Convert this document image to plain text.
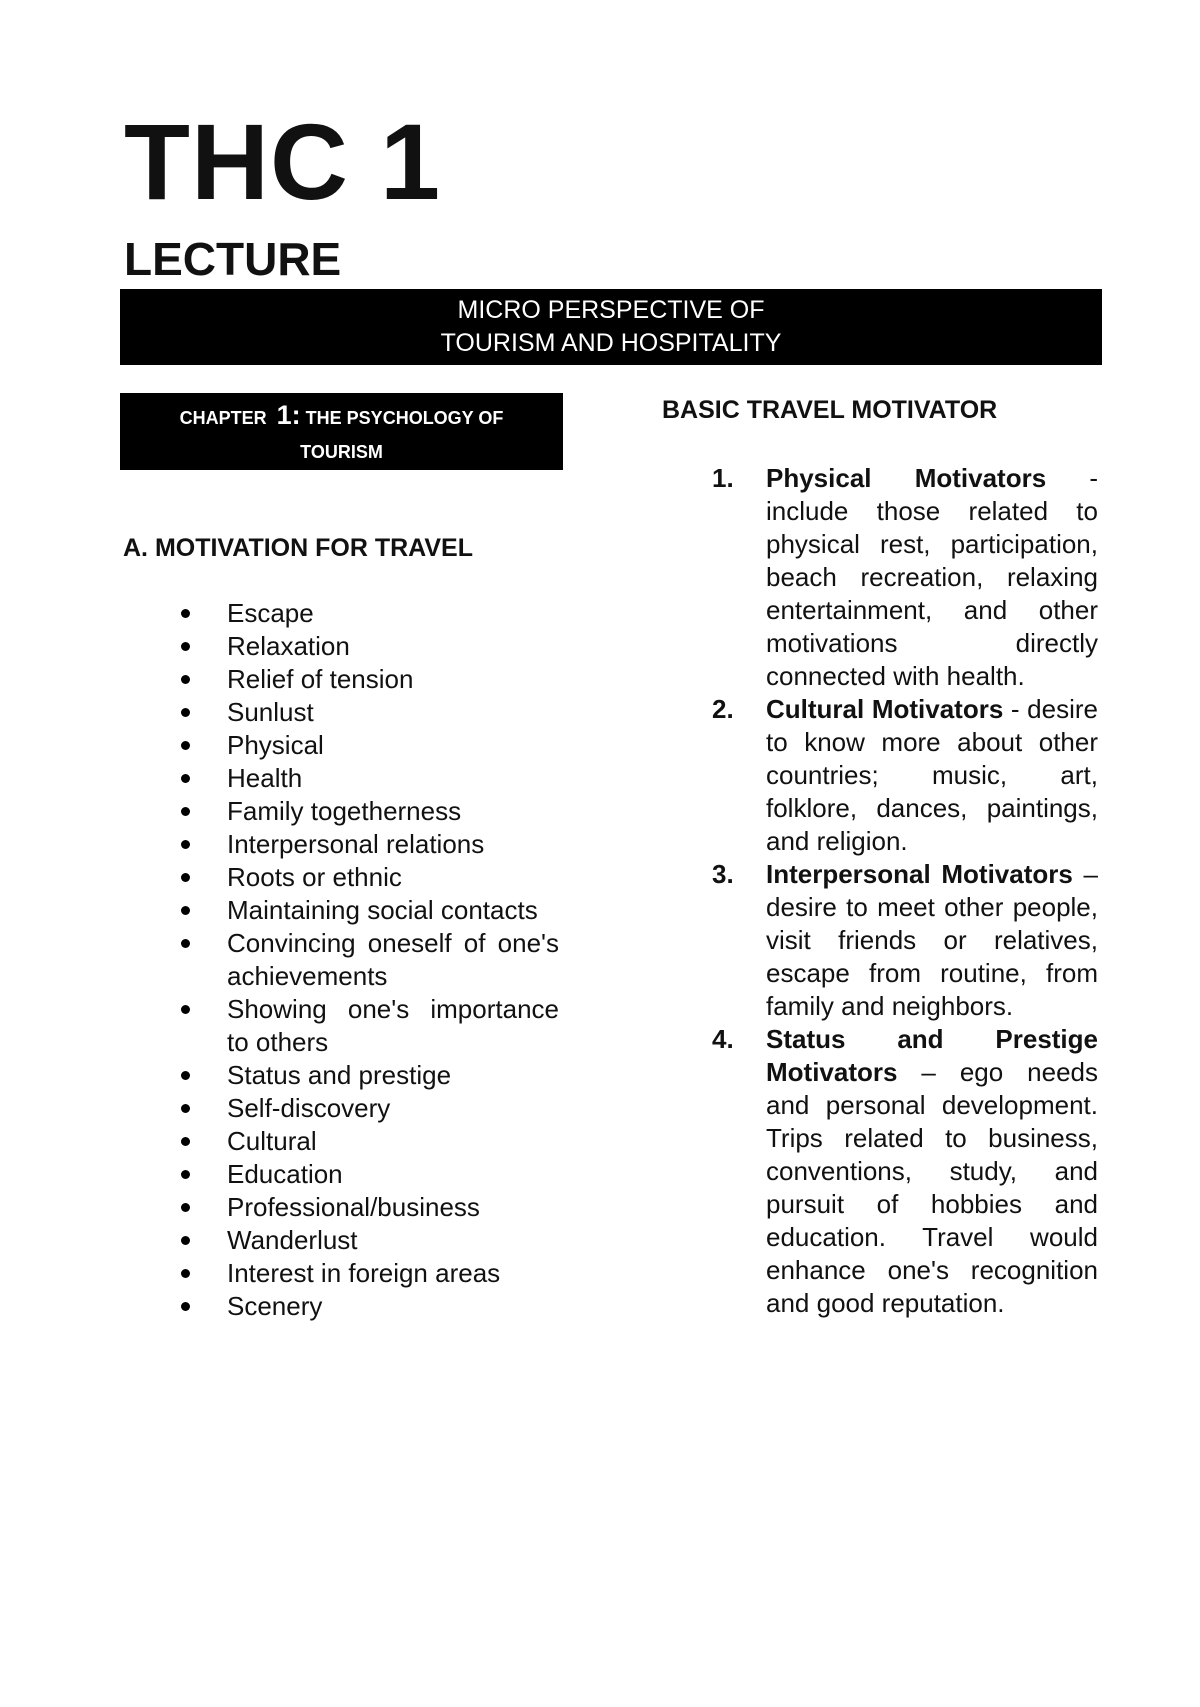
THC 1
LECTURE
MICRO PERSPECTIVE OF
TOURISM AND HOSPITALITY
CHAPTER 1: THE PSYCHOLOGY OF
TOURISM
A. MOTIVATION FOR TRAVEL
Escape
Relaxation
Relief of tension
Sunlust
Physical
Health
Family togetherness
Interpersonal relations
Roots or ethnic
Maintaining social contacts
Convincing oneself of one's achievements
Showing one's importance to others
Status and prestige
Self-discovery
Cultural
Education
Professional/business
Wanderlust
Interest in foreign areas
Scenery
BASIC TRAVEL MOTIVATOR
1. Physical Motivators - include those related to physical rest, participation, beach recreation, relaxing entertainment, and other motivations directly connected with health.
2. Cultural Motivators - desire to know more about other countries; music, art, folklore, dances, paintings, and religion.
3. Interpersonal Motivators – desire to meet other people, visit friends or relatives, escape from routine, from family and neighbors.
4. Status and Prestige Motivators – ego needs and personal development. Trips related to business, conventions, study, and pursuit of hobbies and education. Travel would enhance one's recognition and good reputation.
